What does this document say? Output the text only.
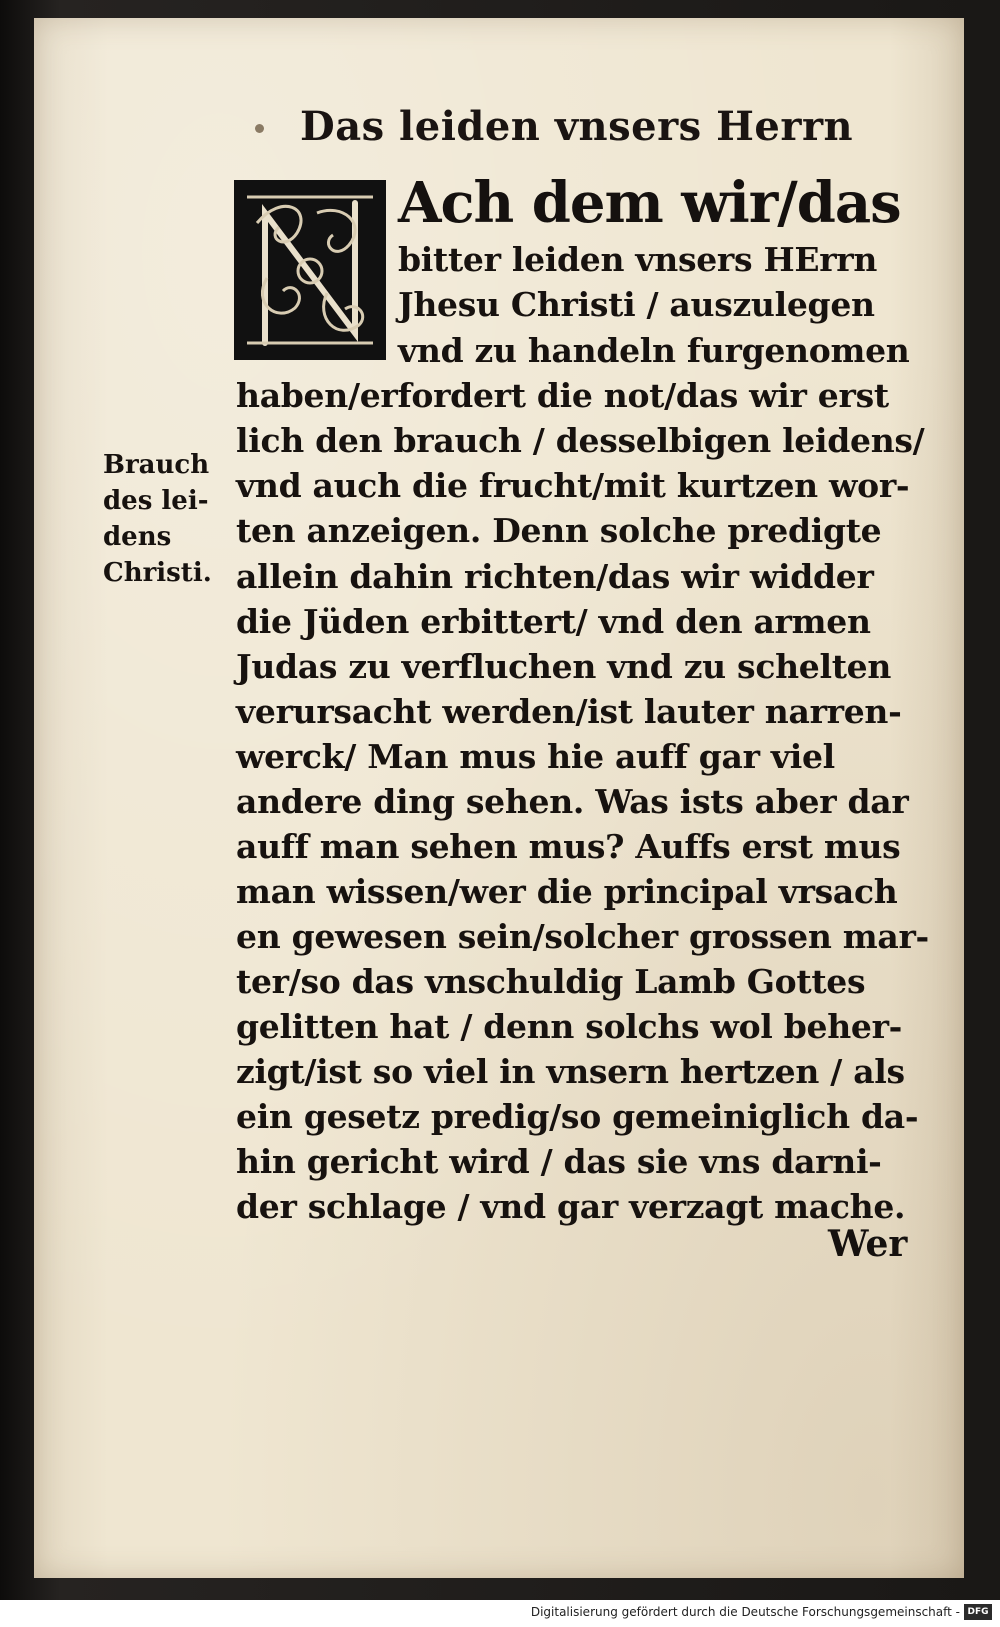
Das leiden vnsers Herrn
Ach dem wir/das
bitter leiden vnsers HErrn
Jhesu Christi / auszulegen
vnd zu handeln furgenomen
haben/erfordert die not/das wir erst
lich den brauch / desselbigen leidens/
vnd auch die frucht/mit kurtzen wor-
ten anzeigen. Denn solche predigte
allein dahin richten/das wir widder
die Jüden erbittert/ vnd den armen
Judas zu verfluchen vnd zu schelten
verursacht werden/ist lauter narren-
werck/ Man mus hie auff gar viel
andere ding sehen. Was ists aber dar
auff man sehen mus? Auffs erst mus
man wissen/wer die principal vrsach
en gewesen sein/solcher grossen mar-
ter/so das vnschuldig Lamb Gottes
gelitten hat / denn solchs wol beher-
zigt/ist so viel in vnsern hertzen / als
ein gesetz predig/so gemeiniglich da-
hin gericht wird / das sie vns darni-
der schlage / vnd gar verzagt mache.
Brauch
des lei-
dens
Christi.
Wer
Digitalisierung gefördert durch die Deutsche Forschungsgemeinschaft - DFG
